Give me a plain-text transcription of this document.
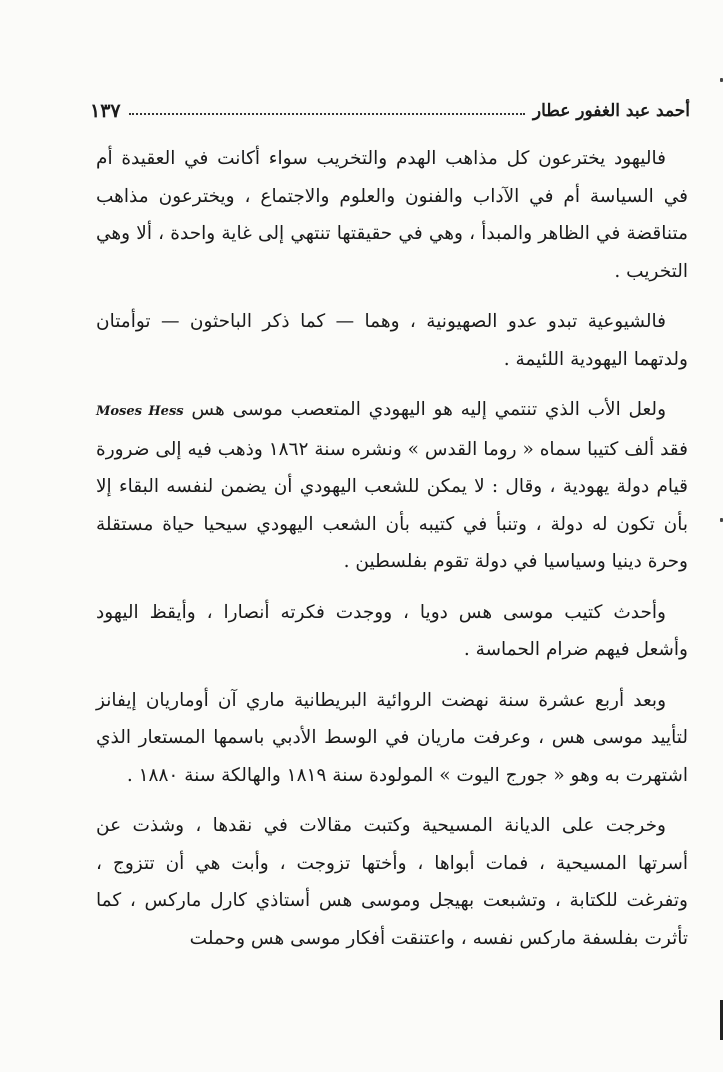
١٣٧	أحمد عبد الغفور عطار

فاليهود يخترعون كل مذاهب الهدم والتخريب سواء أكانت في العقيدة أم في السياسة أم في الآداب والفنون والعلوم والاجتماع ، ويخترعون مذاهب متناقضة في الظاهر والمبدأ ، وهي في حقيقتها تنتهي إلى غاية واحدة ، ألا وهي التخريب .

فالشيوعية تبدو عدو الصهيونية ، وهما — كما ذكر الباحثون — توأمتان ولدتهما اليهودية اللئيمة .

ولعل الأب الذي تنتمي إليه هو اليهودي المتعصب موسى هس Moses Hess فقد ألف كتيبا سماه « روما القدس » ونشره سنة ١٨٦٢ وذهب فيه إلى ضرورة قيام دولة يهودية ، وقال : لا يمكن للشعب اليهودي أن يضمن لنفسه البقاء إلا بأن تكون له دولة ، وتنبأ في كتيبه بأن الشعب اليهودي سيحيا حياة مستقلة وحرة دينيا وسياسيا في دولة تقوم بفلسطين .

وأحدث كتيب موسى هس دويا ، ووجدت فكرته أنصارا ، وأيقظ اليهود وأشعل فيهم ضرام الحماسة .

وبعد أربع عشرة سنة نهضت الروائية البريطانية ماري آن أوماريان إيفانز لتأييد موسى هس ، وعرفت ماريان في الوسط الأدبي باسمها المستعار الذي اشتهرت به وهو « جورج اليوت » المولودة سنة ١٨١٩ والهالكة سنة ١٨٨٠ .

وخرجت على الديانة المسيحية وكتبت مقالات في نقدها ، وشذت عن أسرتها المسيحية ، فمات أبواها ، وأختها تزوجت ، وأبت هي أن تتزوج ، وتفرغت للكتابة ، وتشبعت بهيجل وموسى هس أستاذي كارل ماركس ، كما تأثرت بفلسفة ماركس نفسه ، واعتنقت أفكار موسى هس وحملت
